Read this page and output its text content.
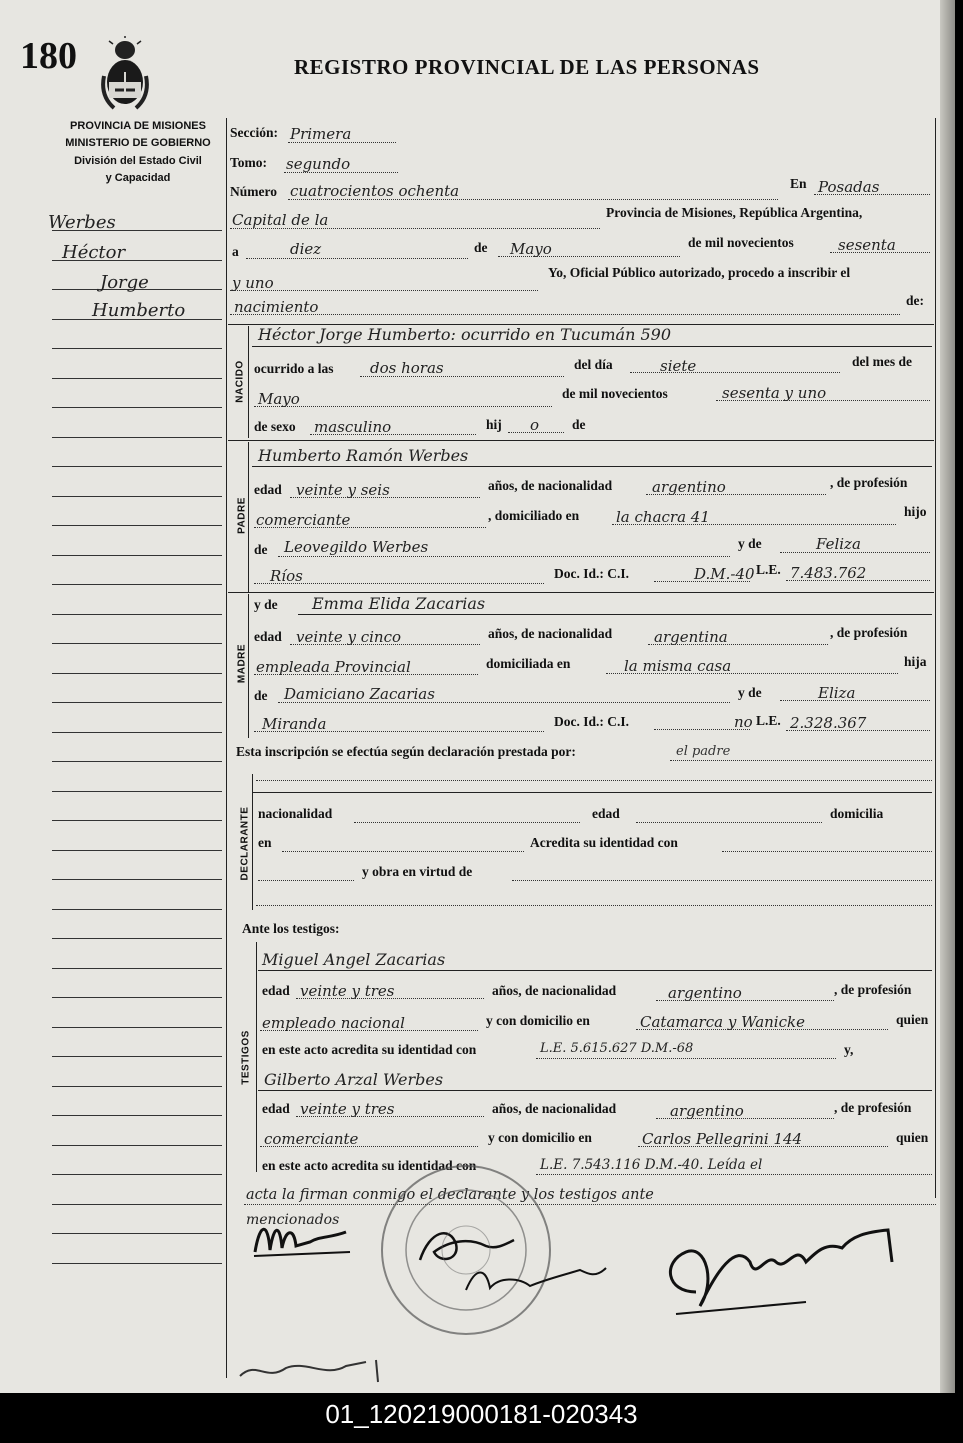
180	REGISTRO PROVINCIAL DE LAS PERSONAS
PROVINCIA DE MISIONES
MINISTERIO DE GOBIERNO
División del Estado Civil
y Capacidad
Werbes
Héctor
Jorge
Humberto
Sección: Primera
Tomo: segundo
Número cuatrocientos ochenta	En Posadas
Capital de la	Provincia de Misiones, República Argentina,
a	diez	de Mayo	de mil novecientos	sesenta
y uno
Yo, Oficial Público autorizado, procedo a inscribir el
nacimiento	de:
NACIDO
Héctor Jorge Humberto: ocurrido en Tucumán 590
ocurrido a las dos horas	del día	siete	del mes de
Mayo	de mil novecientos	sesenta y uno
de sexo masculino	hij o de
PADRE
Humberto Ramón Werbes
edad veinte y seis	años, de nacionalidad	argentino	, de profesión
comerciante	, domiciliado en la chacra 41	hijo
de Leovegildo Werbes	y de	Feliza
Ríos	Doc. Id.: C.I.	D.M.-40 L.E. 7.483.762
MADRE
y de Emma Elida Zacarias
edad veinte y cinco	años, de nacionalidad	argentina	, de profesión
empleada Provincial	domiciliada en	la misma casa	hija
de Damiciano Zacarias	y de	Eliza
Miranda	Doc. Id.: C.I.	no L.E. 2.328.367
Esta inscripción se efectúa según declaración prestada por:	el padre
DECLARANTE nacionalidad	edad	domicilia
en	Acredita su identidad con
y obra en virtud de
Ante los testigos:
TESTIGOS
Miguel Angel Zacarias
edad veinte y tres	años, de nacionalidad	argentino	, de profesión
empleado nacional	y con domicilio en	Catamarca y Wanicke	quien
en este acto acredita su identidad con	L.E. 5.615.627 D.M.-68	y,
Gilberto Arzal Werbes
edad veinte y tres	años, de nacionalidad	argentino	, de profesión
comerciante	y con domicilio en	Carlos Pellegrini 144	quien
en este acto acredita su identidad con	L.E. 7.543.116 D.M.-40. Leída el
acta la firman conmigo el declarante y los testigos ante
mencionados
01_120219000181-020343
